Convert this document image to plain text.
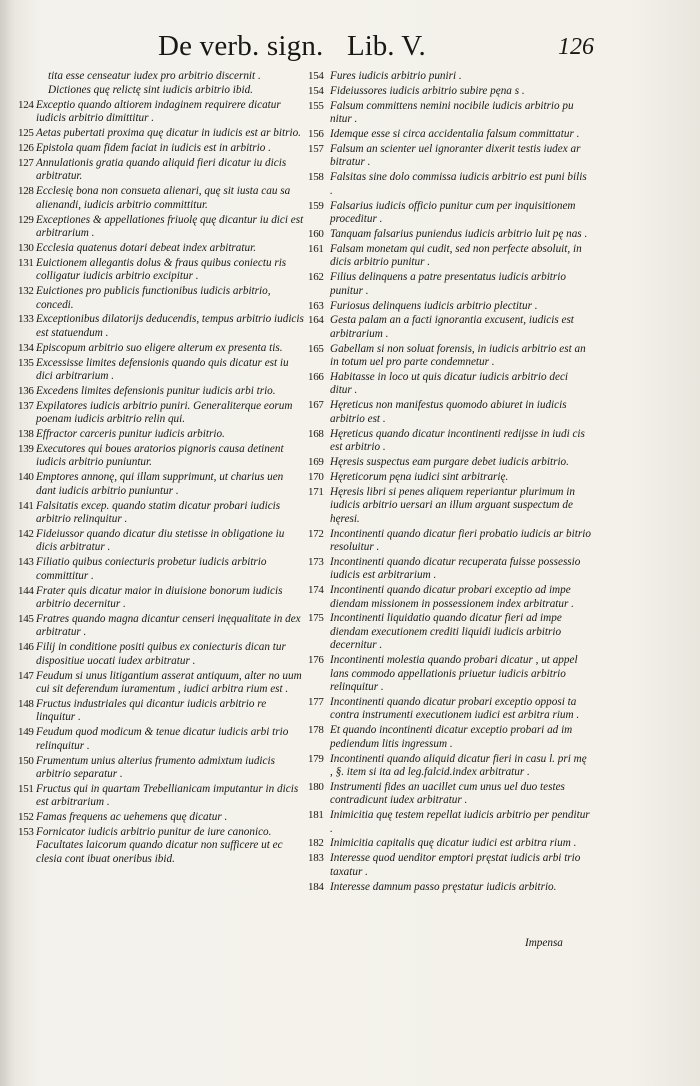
De verb. sign. Lib. V.	126
tita esse censeatur iudex pro arbitrio discernit .
Dictiones quę relictę sint iudicis arbitrio ibid.
124 Exceptio quando altiorem indaginem requirere dicatur iudicis arbitrio dimittitur .
125 Aetas pubertati proxima quę dicatur in iudicis est ar bitrio.
126 Epistola quam fidem faciat in iudicis est in arbitrio .
127 Annulationis gratia quando aliquid fieri dicatur iu dicis arbitratur.
128 Ecclesię bona non consueta alienari, quę sit iusta cau sa alienandi, iudicis arbitrio committitur.
129 Exceptiones & appellationes friuolę quę dicantur iu dici est arbitrarium .
130 Ecclesia quatenus dotari debeat index arbitratur.
131 Euictionem allegantis dolus & fraus quibus coniectu ris colligatur iudicis arbitrio excipitur .
132 Euictiones pro publicis functionibus iudicis arbitrio, concedi.
133 Exceptionibus dilatorijs deducendis, tempus arbitrio iudicis est statuendum .
134 Episcopum arbitrio suo eligere alterum ex presenta tis.
135 Excessisse limites defensionis quando quis dicatur est iu dici arbitrarium .
136 Excedens limites defensionis punitur iudicis arbi trio.
137 Expilatores iudicis arbitrio puniri. Generaliterque eorum poenam iudicis arbitrio relin qui.
138 Effractor carceris punitur iudicis arbitrio.
139 Executores qui boues aratorios pignoris causa detinent iudicis arbitrio puniuntur.
140 Emptores annonę, qui illam supprimunt, ut charius uen dant iudicis arbitrio puniuntur .
141 Falsitatis excep. quando statim dicatur probari iudicis arbitrio relinquitur .
142 Fideiussor quando dicatur diu stetisse in obligatione iu dicis arbitratur .
143 Filiatio quibus coniecturis probetur iudicis arbitrio committitur .
144 Frater quis dicatur maior in diuisione bonorum iudicis arbitrio decernitur .
145 Fratres quando magna dicantur censeri inęqualitate in dex arbitratur .
146 Filij in conditione positi quibus ex coniecturis dican tur dispositiue uocati iudex arbitratur .
147 Feudum si unus litigantium asserat antiquum, alter no uum cui sit deferendum iuramentum , iudici arbitra rium est .
148 Fructus industriales qui dicantur iudicis arbitrio re linquitur .
149 Feudum quod modicum & tenue dicatur iudicis arbi trio relinquitur .
150 Frumentum unius alterius frumento admixtum iudicis arbitrio separatur .
151 Fructus qui in quartam Trebellianicam imputantur in dicis est arbitrarium .
152 Famas frequens ac uehemens quę dicatur .
153 Fornicator iudicis arbitrio punitur de iure canonico. Facultates laicorum quando dicatur non sufficere ut ec clesia cont ibuat oneribus ibid.
154 Fures iudicis arbitrio puniri .
154 Fideiussores iudicis arbitrio subire pęna s .
155 Falsum committens nemini nocibile iudicis arbitrio pu nitur .
156 Idemque esse si circa accidentalia falsum committatur .
157 Falsum an scienter uel ignoranter dixerit testis iudex ar bitratur .
158 Falsitas sine dolo commissa iudicis arbitrio est puni bilis .
159 Falsarius iudicis officio punitur cum per inquisitionem proceditur .
160 Tanquam falsarius puniendus iudicis arbitrio luit pę nas .
161 Falsam monetam qui cudit, sed non perfecte absoluit, in dicis arbitrio punitur .
162 Filius delinquens a patre presentatus iudicis arbitrio punitur .
163 Furiosus delinquens iudicis arbitrio plectitur .
164 Gesta palam an a facti ignorantia excusent, iudicis est arbitrarium .
165 Gabellam si non soluat forensis, in iudicis arbitrio est an in totum uel pro parte condemnetur .
166 Habitasse in loco ut quis dicatur iudicis arbitrio deci ditur .
167 Hęreticus non manifestus quomodo abiuret in iudicis arbitrio est .
168 Hęreticus quando dicatur incontinenti redijsse in iudi cis est arbitrio .
169 Hęresis suspectus eam purgare debet iudicis arbitrio.
170 Hęreticorum pęna iudici sint arbitrarię.
171 Hęresis libri si penes aliquem reperiantur plurimum in iudicis arbitrio uersari an illum arguant suspectum de hęresi.
172 Incontinenti quando dicatur fieri probatio iudicis ar bitrio resoluitur .
173 Incontinenti quando dicatur recuperata fuisse possessio iudicis est arbitrarium .
174 Incontinenti quando dicatur probari exceptio ad impe diendam missionem in possessionem index arbitratur .
175 Incontinenti liquidatio quando dicatur fieri ad impe diendam executionem crediti liquidi iudicis arbitrio decernitur .
176 Incontinenti molestia quando probari dicatur , ut appel lans commodo appellationis priuetur iudicis arbitrio relinquitur .
177 Incontinenti quando dicatur probari exceptio opposi ta contra instrumenti executionem iudici est arbitra rium .
178 Et quando incontinenti dicatur exceptio probari ad im pediendum litis ingressum .
179 Incontinenti quando aliquid dicatur fieri in casu l. pri mę , §. item si ita ad leg.falcid.index arbitratur .
180 Instrumenti fides an uacillet cum unus uel duo testes contradicunt iudex arbitratur .
181 Inimicitia quę testem repellat iudicis arbitrio per penditur .
182 Inimicitia capitalis quę dicatur iudici est arbitra rium .
183 Interesse quod uenditor emptori pręstat iudicis arbi trio taxatur .
184 Interesse damnum passo pręstatur iudicis arbitrio.
Impensa
